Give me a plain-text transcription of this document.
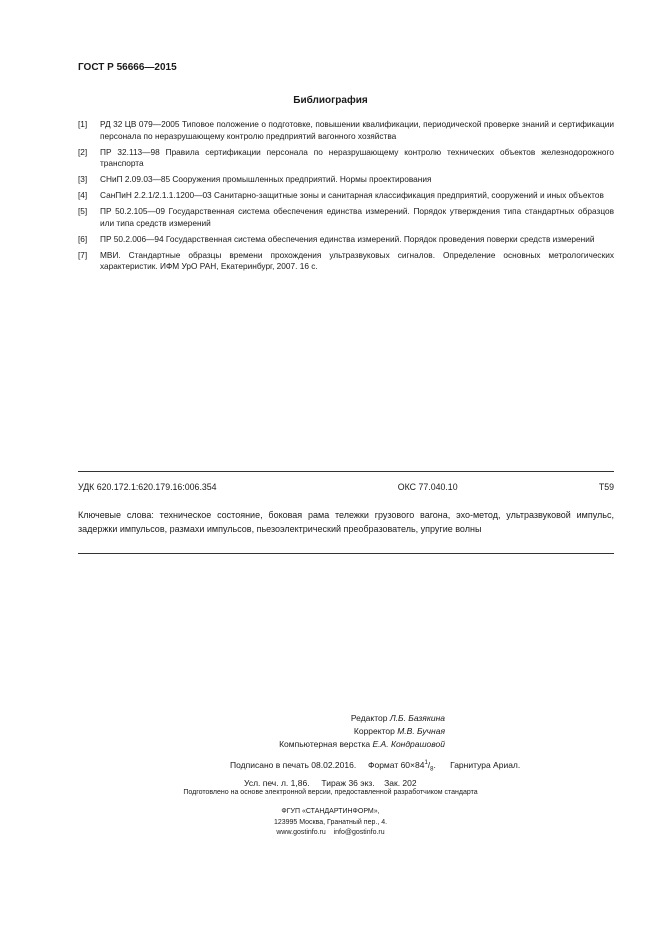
ГОСТ Р 56666—2015
Библиография
[1]	РД 32 ЦВ 079—2005 Типовое положение о подготовке, повышении квалификации, периодической проверке знаний и сертификации персонала по неразрушающему контролю предприятий вагонного хозяйства
[2]	ПР 32.113—98 Правила сертификации персонала по неразрушающему контролю технических объектов железнодорожного транспорта
[3]	СНиП 2.09.03—85 Сооружения промышленных предприятий. Нормы проектирования
[4]	СанПиН 2.2.1/2.1.1.1200—03 Санитарно-защитные зоны и санитарная классификация предприятий, сооружений и иных объектов
[5]	ПР 50.2.105—09 Государственная система обеспечения единства измерений. Порядок утверждения типа стандартных образцов или типа средств измерений
[6]	ПР 50.2.006—94 Государственная система обеспечения единства измерений. Порядок проведения поверки средств измерений
[7]	МВИ. Стандартные образцы времени прохождения ультразвуковых сигналов. Определение основных метрологических характеристик. ИФМ УрО РАН, Екатеринбург, 2007. 16 с.
УДК 620.172.1:620.179.16:006.354	ОКС 77.040.10	Т59
Ключевые слова: техническое состояние, боковая рама тележки грузового вагона, эхо-метод, ультразвуковой импульс, задержки импульсов, размахи импульсов, пьезоэлектрический преобразователь, упругие волны
Редактор Л.Б. Базякина
Корректор М.В. Бучная
Компьютерная верстка Е.А. Кондрашовой
Подписано в печать 08.02.2016. Формат $60\times 84^1/_8$. Гарнитура Ариал.
Усл. печ. л. 1,86. Тираж 36 экз. Зак. 202
Подготовлено на основе электронной версии, предоставленной разработчиком стандарта
ФГУП «СТАНДАРТИНФОРМ»,
123995 Москва, Гранатный пер., 4.
www.gostinfo.ru info@gostinfo.ru
